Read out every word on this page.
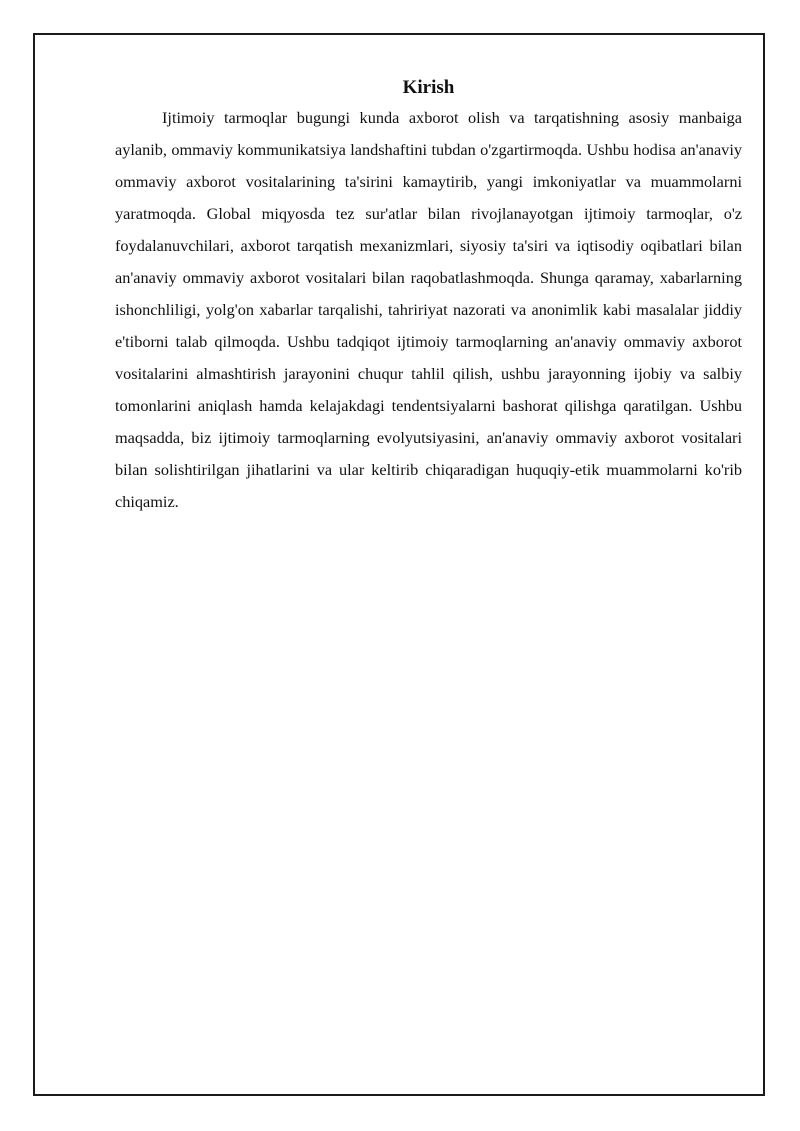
Kirish

Ijtimoiy tarmoqlar bugungi kunda axborot olish va tarqatishning asosiy manbaiga aylanib, ommaviy kommunikatsiya landshaftini tubdan o'zgartirmoqda. Ushbu hodisa an'anaviy ommaviy axborot vositalarining ta'sirini kamaytirib, yangi imkoniyatlar va muammolarni yaratmoqda. Global miqyosda tez sur'atlar bilan rivojlanayotgan ijtimoiy tarmoqlar, o'z foydalanuvchilari, axborot tarqatish mexanizmlari, siyosiy ta'siri va iqtisodiy oqibatlari bilan an'anaviy ommaviy axborot vositalari bilan raqobatlashmoqda. Shunga qaramay, xabarlarning ishonchliligi, yolg'on xabarlar tarqalishi, tahririyat nazorati va anonimlik kabi masalalar jiddiy e'tiborni talab qilmoqda. Ushbu tadqiqot ijtimoiy tarmoqlarning an'anaviy ommaviy axborot vositalarini almashtirish jarayonini chuqur tahlil qilish, ushbu jarayonning ijobiy va salbiy tomonlarini aniqlash hamda kelajakdagi tendentsiyalarni bashorat qilishga qaratilgan. Ushbu maqsadda, biz ijtimoiy tarmoqlarning evolyutsiyasini, an'anaviy ommaviy axborot vositalari bilan solishtirilgan jihatlarini va ular keltirib chiqaradigan huquqiy-etik muammolarni ko'rib chiqamiz.
